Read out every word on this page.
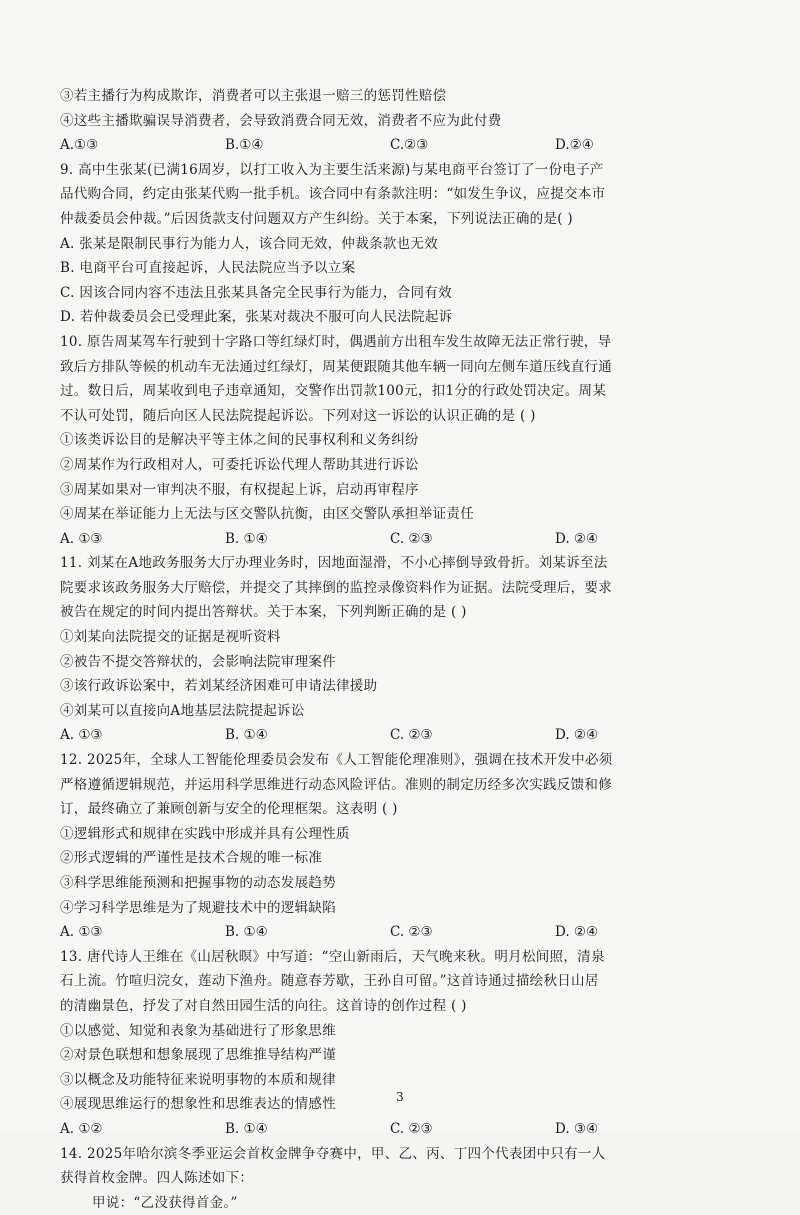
③若主播行为构成欺诈，消费者可以主张退一赔三的惩罚性赔偿
④这些主播欺骗误导消费者，会导致消费合同无效，消费者不应为此付费
A.①③	B.①④	C.②③	D.②④
9. 高中生张某(已满16周岁，以打工收入为主要生活来源)与某电商平台签订了一份电子产
品代购合同，约定由张某代购一批手机。该合同中有条款注明：“如发生争议，应提交本市
仲裁委员会仲裁。”后因货款支付问题双方产生纠纷。关于本案，下列说法正确的是( )
A. 张某是限制民事行为能力人，该合同无效，仲裁条款也无效
B. 电商平台可直接起诉，人民法院应当予以立案
C. 因该合同内容不违法且张某具备完全民事行为能力，合同有效
D. 若仲裁委员会已受理此案，张某对裁决不服可向人民法院起诉
10. 原告周某驾车行驶到十字路口等红绿灯时，偶遇前方出租车发生故障无法正常行驶，导
致后方排队等候的机动车无法通过红绿灯，周某便跟随其他车辆一同向左侧车道压线直行通
过。数日后，周某收到电子违章通知，交警作出罚款100元，扣1分的行政处罚决定。周某
不认可处罚，随后向区人民法院提起诉讼。下列对这一诉讼的认识正确的是 ( )
①该类诉讼目的是解决平等主体之间的民事权利和义务纠纷
②周某作为行政相对人，可委托诉讼代理人帮助其进行诉讼
③周某如果对一审判决不服，有权提起上诉，启动再审程序
④周某在举证能力上无法与区交警队抗衡，由区交警队承担举证责任
A. ①③	B. ①④	C. ②③	D. ②④
11. 刘某在A地政务服务大厅办理业务时，因地面湿滑，不小心摔倒导致骨折。刘某诉至法
院要求该政务服务大厅赔偿，并提交了其摔倒的监控录像资料作为证据。法院受理后，要求
被告在规定的时间内提出答辩状。关于本案，下列判断正确的是 ( )
①刘某向法院提交的证据是视听资料
②被告不提交答辩状的，会影响法院审理案件
③该行政诉讼案中，若刘某经济困难可申请法律援助
④刘某可以直接向A地基层法院提起诉讼
A. ①③	B. ①④	C. ②③	D. ②④
12. 2025年，全球人工智能伦理委员会发布《人工智能伦理准则》，强调在技术开发中必须
严格遵循逻辑规范，并运用科学思维进行动态风险评估。准则的制定历经多次实践反馈和修
订，最终确立了兼顾创新与安全的伦理框架。这表明 ( )
①逻辑形式和规律在实践中形成并具有公理性质
②形式逻辑的严谨性是技术合规的唯一标准
③科学思维能预测和把握事物的动态发展趋势
④学习科学思维是为了规避技术中的逻辑缺陷
A. ①③	B. ①④	C. ②③	D. ②④
13. 唐代诗人王维在《山居秋暝》中写道：“空山新雨后，天气晚来秋。明月松间照，清泉
石上流。竹喧归浣女，莲动下渔舟。随意春芳歇，王孙自可留。”这首诗通过描绘秋日山居
的清幽景色，抒发了对自然田园生活的向往。这首诗的创作过程 ( )
①以感觉、知觉和表象为基础进行了形象思维
②对景色联想和想象展现了思维推导结构严谨
③以概念及功能特征来说明事物的本质和规律
④展现思维运行的想象性和思维表达的情感性
A. ①②	B. ①④	C. ②③	D. ③④
14. 2025年哈尔滨冬季亚运会首枚金牌争夺赛中，甲、乙、丙、丁四个代表团中只有一人
获得首枚金牌。四人陈述如下：
甲说：“乙没获得首金。”
3
